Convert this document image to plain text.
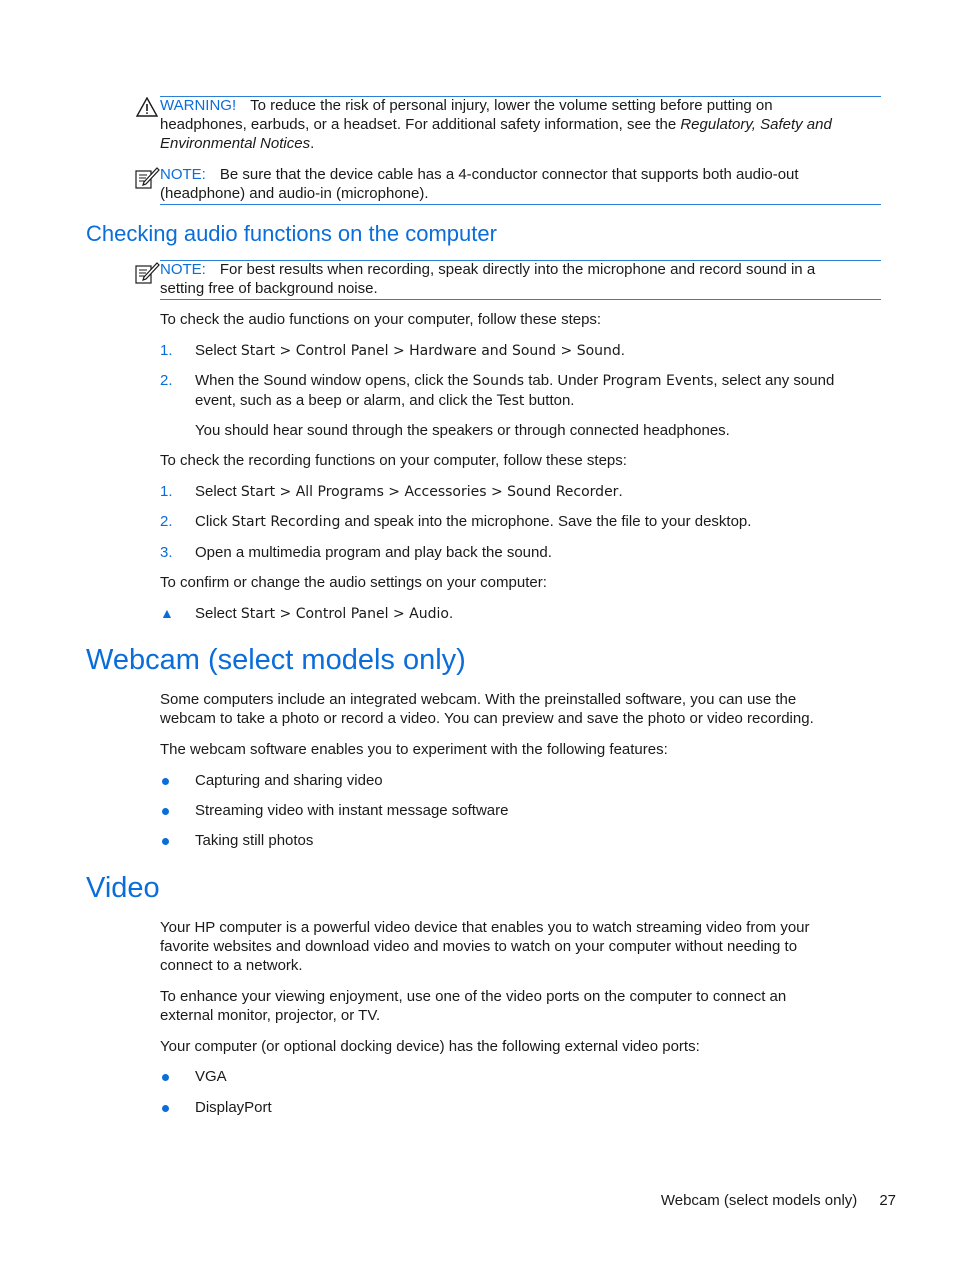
WARNING! To reduce the risk of personal injury, lower the volume setting before putting on
headphones, earbuds, or a headset. For additional safety information, see the Regulatory, Safety and
Environmental Notices.
NOTE: Be sure that the device cable has a 4-conductor connector that supports both audio-out
(headphone) and audio-in (microphone).
Checking audio functions on the computer
NOTE: For best results when recording, speak directly into the microphone and record sound in a
setting free of background noise.
To check the audio functions on your computer, follow these steps:
1. Select Start > Control Panel > Hardware and Sound > Sound.
2. When the Sound window opens, click the Sounds tab. Under Program Events, select any sound
event, such as a beep or alarm, and click the Test button.
You should hear sound through the speakers or through connected headphones.
To check the recording functions on your computer, follow these steps:
1. Select Start > All Programs > Accessories > Sound Recorder.
2. Click Start Recording and speak into the microphone. Save the file to your desktop.
3. Open a multimedia program and play back the sound.
To confirm or change the audio settings on your computer:
▲ Select Start > Control Panel > Audio.
Webcam (select models only)
Some computers include an integrated webcam. With the preinstalled software, you can use the
webcam to take a photo or record a video. You can preview and save the photo or video recording.
The webcam software enables you to experiment with the following features:
Capturing and sharing video
Streaming video with instant message software
Taking still photos
Video
Your HP computer is a powerful video device that enables you to watch streaming video from your
favorite websites and download video and movies to watch on your computer without needing to
connect to a network.
To enhance your viewing enjoyment, use one of the video ports on the computer to connect an
external monitor, projector, or TV.
Your computer (or optional docking device) has the following external video ports:
VGA
DisplayPort
Webcam (select models only) 27
